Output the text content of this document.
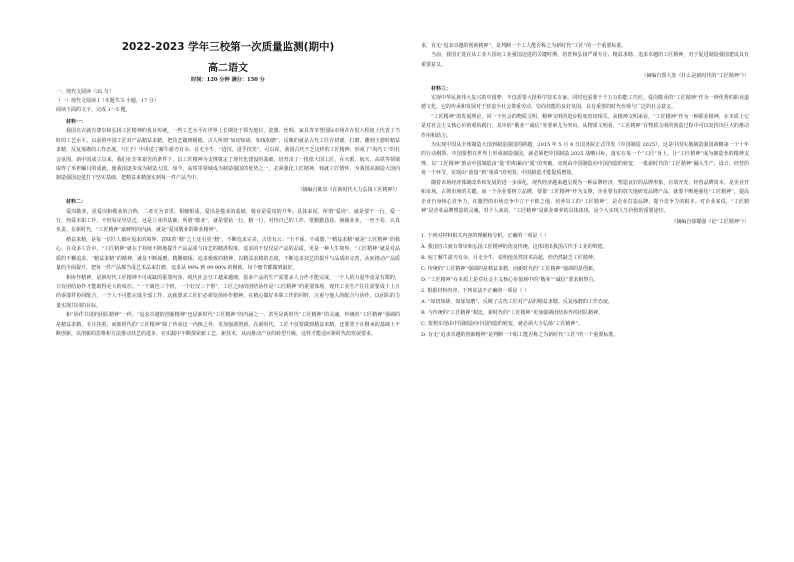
2022-2023 学年三校第一次质量监测(期中)

高二语文

时间：120 分钟 满分：150 分

一、现代文阅读（35 分）

（一）现代文阅读 I（本题共 5 小题，17 分）

阅读下面的文字，完成 1～5 题。

材料一：

我国自古就有尊崇和弘扬工匠精神的优良传统。一些工艺水平在世界上长期处于领先地位，瓷器、丝绸、家具等享誉国际市场并在很大程度上代表了当时的工艺水平。以前的中国工匠对产品精益求精，把技艺做到极致。古人所谓“如切如磋，如琢如磨”，反映的就是古代工匠在切割、打磨、雕刻玉器时精益求精、反复琢磨的工作态度。《庄子》中讲述了解牛游刃有余、目无全牛，“进技，进乎技矣”，可以说，我国古代不乏这样的工匠精神，形成了“尚巧工”的社会氛围。新中国成立以来，我们在非常艰苦的条件下，以工匠精神为支撑奠定了现代化建设的基础，培育出了一批批大国工匠，在天眼、航天、高铁等领域取得了举世瞩目的成就，使我国逐步成为制造大国。如今，高铁等领域成为制造强国的优势之一，必须强化工匠精神，铸就工匠情怀，为我国从制造大国向制造强国迈进打下坚实基础，把精益求精落实到每一件产品当中。

（摘编自陈泉《在新时代大力弘扬工匠精神》）

材料二：

爱岗敬业，是爱岗和敬业的合称，二者互为表里、相辅相成。爱岗是敬业的基础，敬业是爱岗的升华。具体来说，所谓“爱岗”，就是要干一行，爱一行，热爱本职工作，不轻易见异思迁，这是立业的基础；所谓“敬业”，就是要钻一行，精一行，对待自己的工作，要勤勤恳恳、兢兢业业，一丝不苟，认真负责。在新时代，“工匠精神”最鲜明的内涵，就是“爱岗敬业的职业精神”。

精益求精，是每一位匠人都应追求的境界，意味着“精”之上还有更“精”，不断追求完美。古语有云：“玉不琢，不成器。”“精益求精”就是“工匠精神”的核心。在众多工匠中，“工匠精神”就在于持续不断地提升产品品质与技艺的精湛程度，追求的不仅仅是产品的品质，更是一种人生境界，“工匠精神”就是对品质的不懈追求。“精益求精”的精神，就是不断琢磨、精雕细琢、追求极致的精神。以精益求精的态度，不断追求技艺的提升与品质的完善，从而推动产品质量的全面提升，把每一件产品都当成艺术品来打磨，追求从 99% 到 99.99% 的极致，每个细节都做到最好。

和协作精神，是新时代工匠精神不可或缺的重要内容。现代社会分工越来越细，很多产品的生产需要多人合作才能完成，一个人的力量毕竟是有限的，只有团结协作才能取得更大的成功。“一个篱笆三个桩，一个好汉三个帮”，工匠之间的团结协作是“工匠精神”的重要体现。现代工业生产往往需要成千上万的零部件协同配合，一个人不可能完成全部工作，这就要求工匠们必须发扬协作精神，在精心做好本职工作的同时，注重与他人的配合与协作，以团队的力量实现共同的目标。

和“协作共进的团队精神”一样，“追求卓越的创新精神”也是新时代“工匠精神”的内涵之一。甚至是新时代“工匠精神”的灵魂。传统的“工匠精神”强调的是精益求精、专注执着，而新时代的“工匠精神”除了传承这一内核之外，更加强调创新。在新时代，工匠不仅要做到精益求精，还要善于在继承的基础上不断创新，以创新的思维和方法推动技艺的进步，在实践中不断探索新工艺、新技术，从而推动产业的转型升级，这样才能适应新时代的发展要求。

求，有无“追求卓越的创新精神”，是判断一个工人能否称之为新时代“工匠”的一个重要标准。

当前，我国正处在从工业大国向工业强国迈进的关键时期，培育和弘扬严谨专注、精益求精、追求卓越的工匠精神，对于促进制造强国建设具有重要意义。

（摘编自郑大发《什么是新时代的“工匠精神”》）

材料三：

实现中华民族伟大复兴的中国梦，不仅需要大批科学技术专家，同时也需要千千万万的能工巧匠。爱岗敬业的“工匠精神”作为一种优秀的职业道德文化，它的传承和发展对于营造全社会尊重劳动、崇尚技能的良好氛围，具有重要的时代价值与广泛的社会意义。

“工匠精神”的发展理论，同一个社会的物质文明、精神文明的进步程度密切相关。从精神文明来看，“工匠精神”作为一种职业精神，在本质上它是对社会主义核心价值观的践行，其中的“敬业”“诚信”等要素尤为突出。从物质文明看，“工匠精神”在物质文明的创造过程中可以发挥出巨大的推动作用和助力。

为实现中国从全球制造大国到制造强国的跨越，2015 年 5 月 8 日国务院正式印发《中国制造 2025》，这是中国实施制造强国战略第一个十年的行动纲领。中国要想在世界上形成制造强国，就必须把中国制造 2025 战略目标，落实在每一个“工匠”身上，让“工匠精神”成为制造业的精神支撑，以“工匠精神”推动中国制造由“量”的积累向“质”的突破，实现由中国制造向中国创造的转变，一批新时代的“工匠精神”融入生产、设计、经营的每一个环节，实现由“重量”到“重质”的突围，中国制造才能提质增效。

随着市场经济体制改革和发展的进一步深化，现代经济越来越呈现为一种品牌经济，塑造良好的品牌形象，有效开发、经营品牌资本，是企业开拓市场、占领市场的关键。而一个企业要树立品牌，要靠“工匠精神”作为支撑，企业要有的放矢地研发品牌产品，就要不断地强化“工匠精神”，提高企业自身核心竞争力，在激烈的市场竞争中立于不败之地。培养员工的“工匠精神”，是企业打造品牌、提升竞争力的根本。对企业来说，“工匠精神”是企业品牌塑造的灵魂，对个人来说，“工匠精神”是职业素养的具体体现，是个人实现人生价值的重要途径。

（摘编自徐耀强《论“工匠精神”》）

1. 下列对材料相关内容的理解和分析，正确的一项是（ ）

A. 我国自古就有尊崇和弘扬工匠精神的优良传统，这体现出我国古代手工业的辉煌。

B. 庖丁解牛游刃有余，目无全牛，说明他虽然技术高超，但仍然缺乏工匠精神。

C. 传统的“工匠精神”强调的是精益求精，而新时代的“工匠精神”强调的是创新。

D. “工匠精神”在本质上是对社会主义核心价值观中的“敬业”“诚信”要求相契合。

2. 根据材料内容，下列说法不正确的一项是（ ）

A. “如切如磋，如琢如磨”，反映了古代工匠对产品的精益求精、反复琢磨的工作态度。

B. 与传统的“工匠精神”相比，新时代的“工匠精神”更加强调团结协作的团队精神。

C. 要想实现由中国制造向中国创造的转变，就必须大力弘扬“工匠精神”。

D. 有无“追求卓越的创新精神”是判断一个职工能否称之为新时代“工匠”的一个重要标准。
